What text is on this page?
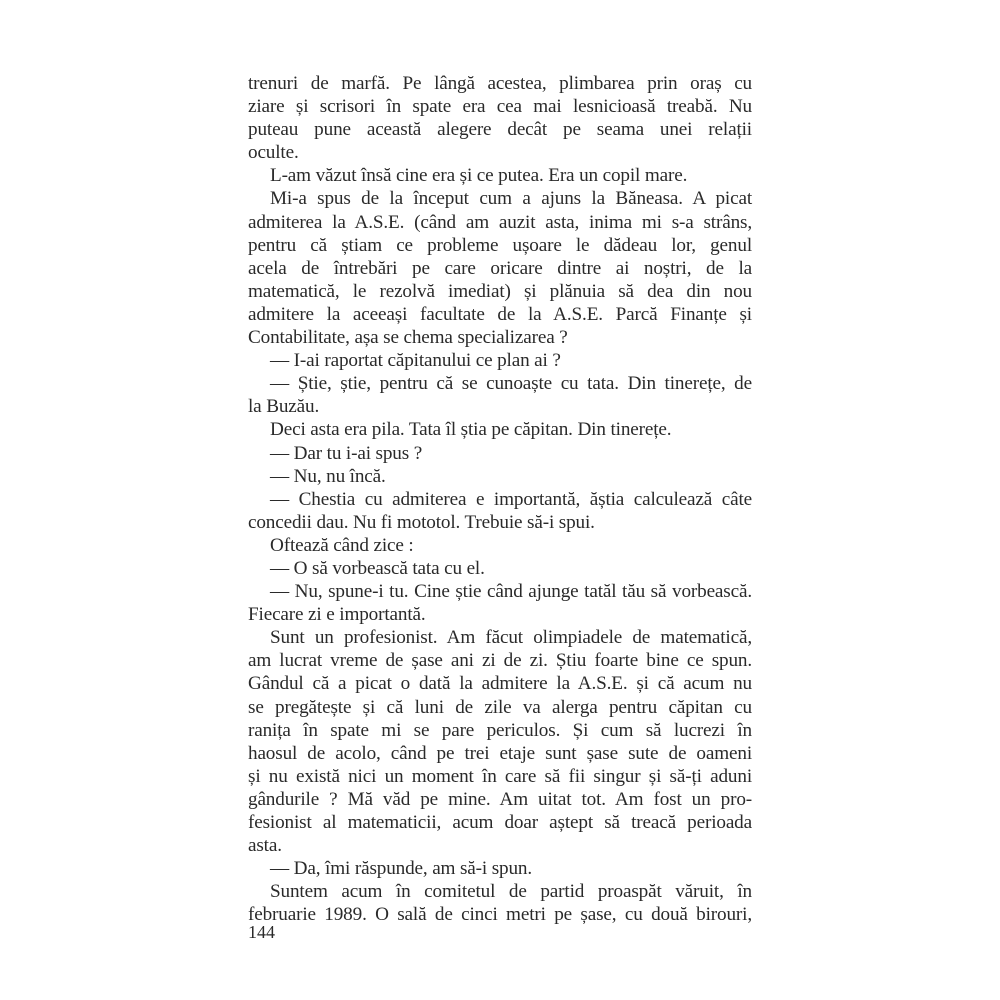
trenuri de marfă. Pe lângă acestea, plimbarea prin oraș cu
ziare și scrisori în spate era cea mai lesnicioasă treabă. Nu
puteau pune această alegere decât pe seama unei relații
oculte.
L-am văzut însă cine era și ce putea. Era un copil mare.
Mi-a spus de la început cum a ajuns la Băneasa. A picat
admiterea la A.S.E. (când am auzit asta, inima mi s-a strâns,
pentru că știam ce probleme ușoare le dădeau lor, genul
acela de întrebări pe care oricare dintre ai noștri, de la
matematică, le rezolvă imediat) și plănuia să dea din nou
admitere la aceeași facultate de la A.S.E. Parcă Finanțe și
Contabilitate, așa se chema specializarea ?
— I-ai raportat căpitanului ce plan ai ?
— Știe, știe, pentru că se cunoaște cu tata. Din tinerețe, de
la Buzău.
Deci asta era pila. Tata îl știa pe căpitan. Din tinerețe.
— Dar tu i-ai spus ?
— Nu, nu încă.
— Chestia cu admiterea e importantă, ăștia calculează câte
concedii dau. Nu fi mototol. Trebuie să-i spui.
Oftează când zice :
— O să vorbească tata cu el.
— Nu, spune-i tu. Cine știe când ajunge tatăl tău să vorbească.
Fiecare zi e importantă.
Sunt un profesionist. Am făcut olimpiadele de matematică,
am lucrat vreme de șase ani zi de zi. Știu foarte bine ce spun.
Gândul că a picat o dată la admitere la A.S.E. și că acum nu
se pregătește și că luni de zile va alerga pentru căpitan cu
ranița în spate mi se pare periculos. Și cum să lucrezi în
haosul de acolo, când pe trei etaje sunt șase sute de oameni
și nu există nici un moment în care să fii singur și să-ți aduni
gândurile ? Mă văd pe mine. Am uitat tot. Am fost un pro-
fesionist al matematicii, acum doar aștept să treacă perioada
asta.
— Da, îmi răspunde, am să-i spun.
Suntem acum în comitetul de partid proaspăt văruit, în
februarie 1989. O sală de cinci metri pe șase, cu două birouri,
144
